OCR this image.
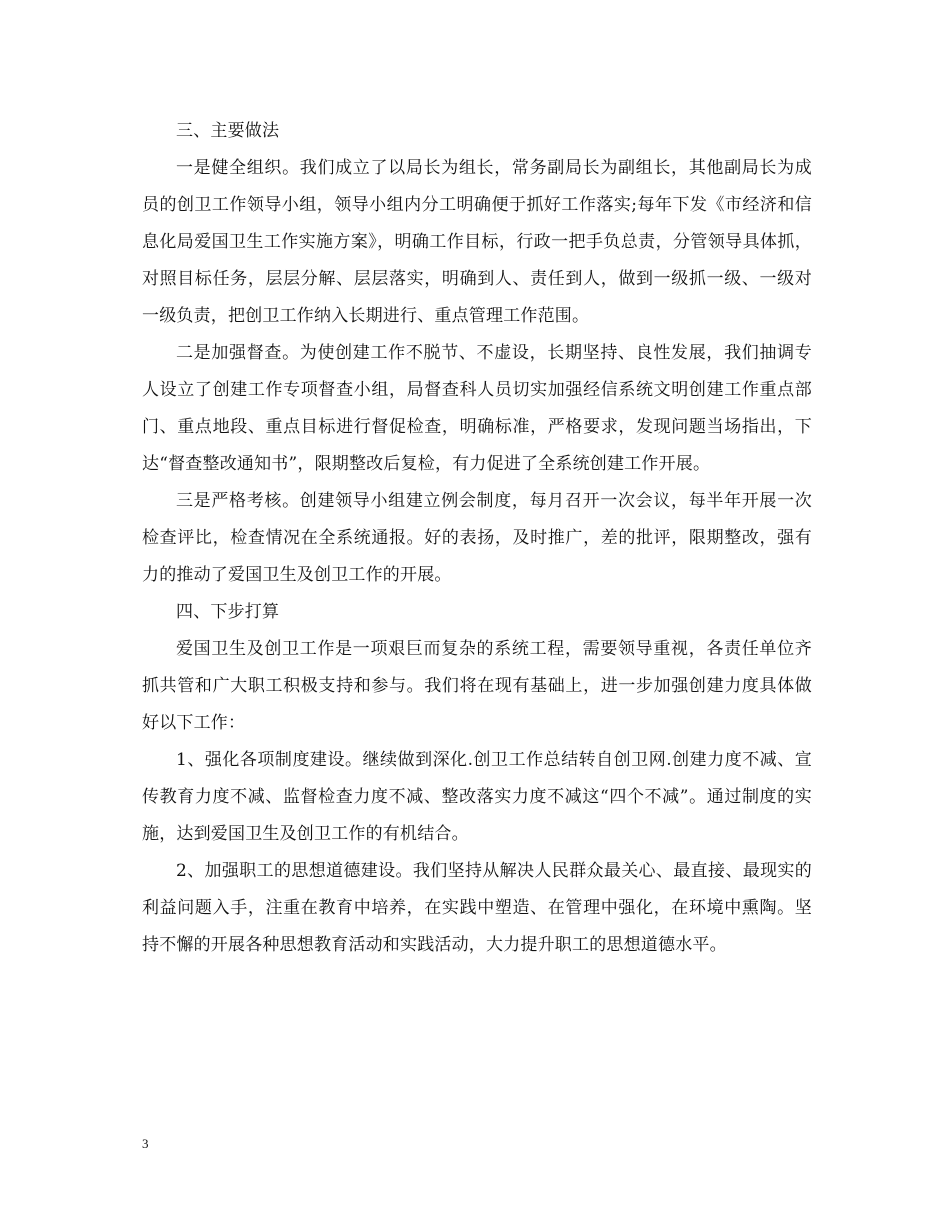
三、主要做法

一是健全组织。我们成立了以局长为组长，常务副局长为副组长，其他副局长为成员的创卫工作领导小组，领导小组内分工明确便于抓好工作落实;每年下发《市经济和信息化局爱国卫生工作实施方案》，明确工作目标，行政一把手负总责，分管领导具体抓，对照目标任务，层层分解、层层落实，明确到人、责任到人，做到一级抓一级、一级对一级负责，把创卫工作纳入长期进行、重点管理工作范围。

二是加强督查。为使创建工作不脱节、不虚设，长期坚持、良性发展，我们抽调专人设立了创建工作专项督查小组，局督查科人员切实加强经信系统文明创建工作重点部门、重点地段、重点目标进行督促检查，明确标准，严格要求，发现问题当场指出，下达“督查整改通知书”，限期整改后复检，有力促进了全系统创建工作开展。

三是严格考核。创建领导小组建立例会制度，每月召开一次会议，每半年开展一次检查评比，检查情况在全系统通报。好的表扬，及时推广，差的批评，限期整改，强有力的推动了爱国卫生及创卫工作的开展。

四、下步打算

爱国卫生及创卫工作是一项艰巨而复杂的系统工程，需要领导重视，各责任单位齐抓共管和广大职工积极支持和参与。我们将在现有基础上，进一步加强创建力度具体做好以下工作：

1、强化各项制度建设。继续做到深化.创卫工作总结转自创卫网.创建力度不减、宣传教育力度不减、监督检查力度不减、整改落实力度不减这“四个不减”。通过制度的实施，达到爱国卫生及创卫工作的有机结合。

2、加强职工的思想道德建设。我们坚持从解决人民群众最关心、最直接、最现实的利益问题入手，注重在教育中培养，在实践中塑造、在管理中强化，在环境中熏陶。坚持不懈的开展各种思想教育活动和实践活动，大力提升职工的思想道德水平。

3
